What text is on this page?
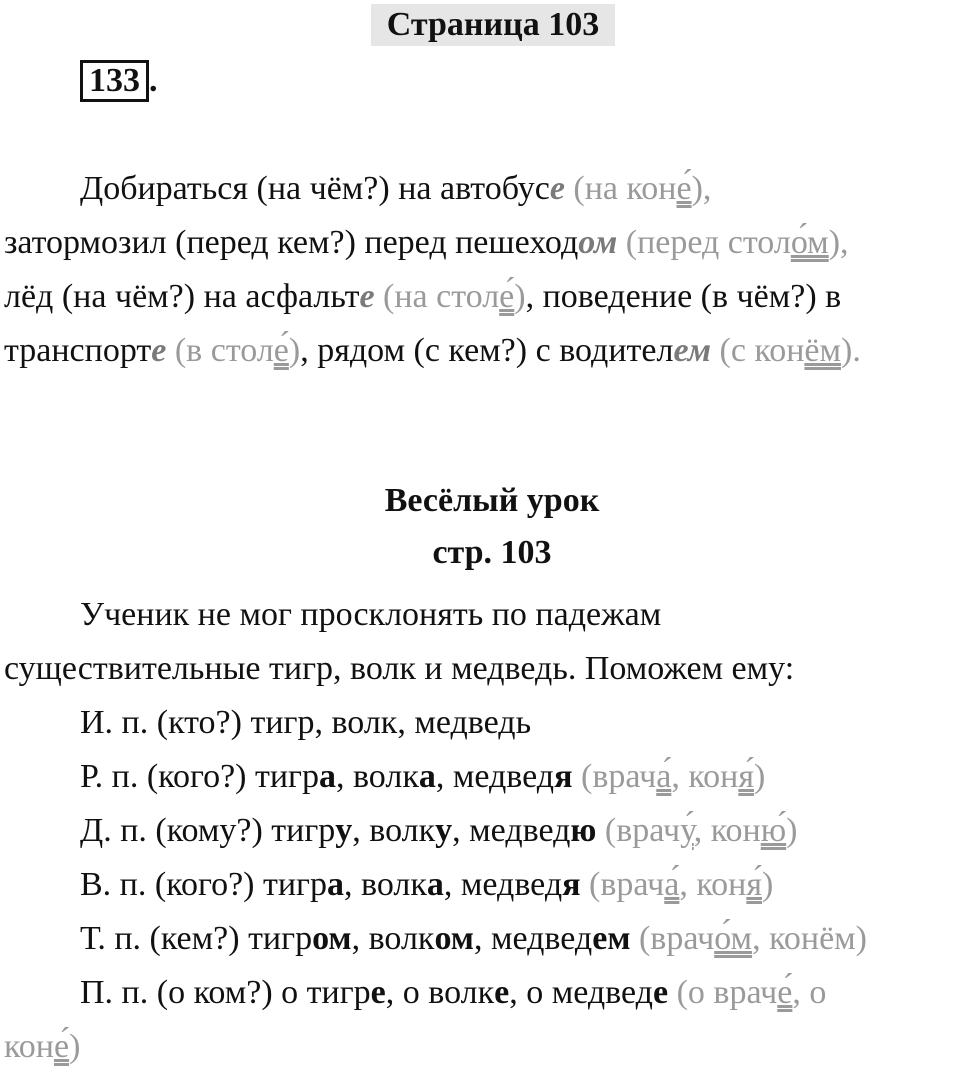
Страница 103
133 .
Добираться (на чём?) на автобусе (на коне́),
затормозил (перед кем?) перед пешеходом (перед столо́м),
лёд (на чём?) на асфальте (на столе́), поведение (в чём?) в
транспорте (в столе́), рядом (с кем?) с водителем (с конём).
Весёлый урок
стр. 103
Ученик не мог просклонять по падежам
существительные тигр, волк и медведь. Поможем ему:
И. п. (кто?) тигр, волк, медведь
Р. п. (кого?) тигра, волка, медведя (врача́, коня́)
Д. п. (кому?) тигру, волку, медведю (врачу́, коню́)
В. п. (кого?) тигра, волка, медведя (врача́, коня́)
Т. п. (кем?) тигром, волком, медведем (врачо́м, конём)
П. п. (о ком?) о тигре, о волке, о медведе (о враче́, о
коне́)
